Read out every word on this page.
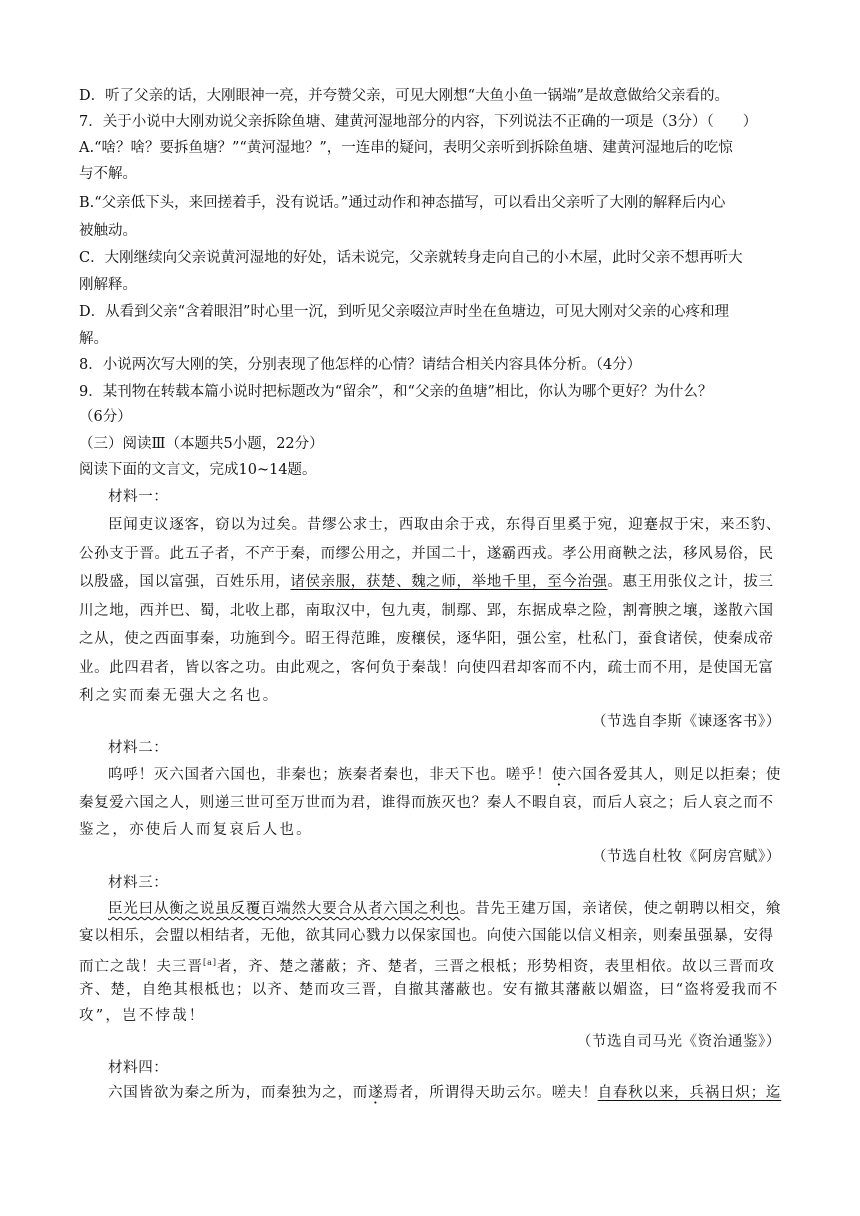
D．听了父亲的话，大刚眼神一亮，并夸赞父亲，可见大刚想“大鱼小鱼一锅端”是故意做给父亲看的。
7．关于小说中大刚劝说父亲拆除鱼塘、建黄河湿地部分的内容，下列说法不正确的一项是（3分）（　　）
A.“啥？啥？要拆鱼塘？”“黄河湿地？”，一连串的疑问，表明父亲听到拆除鱼塘、建黄河湿地后的吃惊
与不解。
B.“父亲低下头，来回搓着手，没有说话。”通过动作和神态描写，可以看出父亲听了大刚的解释后内心
被触动。
C．大刚继续向父亲说黄河湿地的好处，话未说完，父亲就转身走向自己的小木屋，此时父亲不想再听大
刚解释。
D．从看到父亲“含着眼泪”时心里一沉，到听见父亲啜泣声时坐在鱼塘边，可见大刚对父亲的心疼和理
解。
8．小说两次写大刚的笑，分别表现了他怎样的心情？请结合相关内容具体分析。（4分）
9．某刊物在转载本篇小说时把标题改为“留余”，和“父亲的鱼塘”相比，你认为哪个更好？为什么？
（6分）
（三）阅读Ⅲ（本题共5小题，22分）
阅读下面的文言文，完成10~14题。
材料一：
臣闻吏议逐客，窃以为过矣。昔缪公求士，西取由余于戎，东得百里奚于宛，迎蹇叔于宋，来丕豹、
公孙支于晋。此五子者，不产于秦，而缪公用之，并国二十，遂霸西戎。孝公用商鞅之法，移风易俗，民
以殷盛，国以富强，百姓乐用，诸侯亲服，获楚、魏之师，举地千里，至今治强。惠王用张仪之计，拔三
川之地，西并巴、蜀，北收上郡，南取汉中，包九夷，制鄢、郢，东据成皋之险，割膏腴之壤，遂散六国
之从，使之西面事秦，功施到今。昭王得范雎，废穰侯，逐华阳，强公室，杜私门，蚕食诸侯，使秦成帝
业。此四君者，皆以客之功。由此观之，客何负于秦哉！向使四君却客而不内，疏士而不用，是使国无富
利之实而秦无强大之名也。
（节选自李斯《谏逐客书》）
材料二：
呜呼！灭六国者六国也，非秦也；族秦者秦也，非天下也。嗟乎！使六国各爱其人，则足以拒秦；使
秦复爱六国之人，则递三世可至万世而为君，谁得而族灭也？秦人不暇自哀，而后人哀之；后人哀之而不
鉴之，亦使后人而复哀后人也。
（节选自杜牧《阿房宫赋》）
材料三：
臣光曰从衡之说虽反覆百端然大要合从者六国之利也。昔先王建万国，亲诸侯，使之朝聘以相交，飨
宴以相乐，会盟以相结者，无他，欲其同心戮力以保家国也。向使六国能以信义相亲，则秦虽强暴，安得
而亡之哉！夫三晋[a]者，齐、楚之藩蔽；齐、楚者，三晋之根柢；形势相资，表里相依。故以三晋而攻
齐、楚，自绝其根柢也；以齐、楚而攻三晋，自撤其藩蔽也。安有撤其藩蔽以媚盗，曰“盗将爱我而不
攻”，岂不悖哉！
（节选自司马光《资治通鉴》）
材料四：
六国皆欲为秦之所为，而秦独为之，而遂焉者，所谓得天助云尔。嗟夫！自春秋以来，兵祸日炽；迄
